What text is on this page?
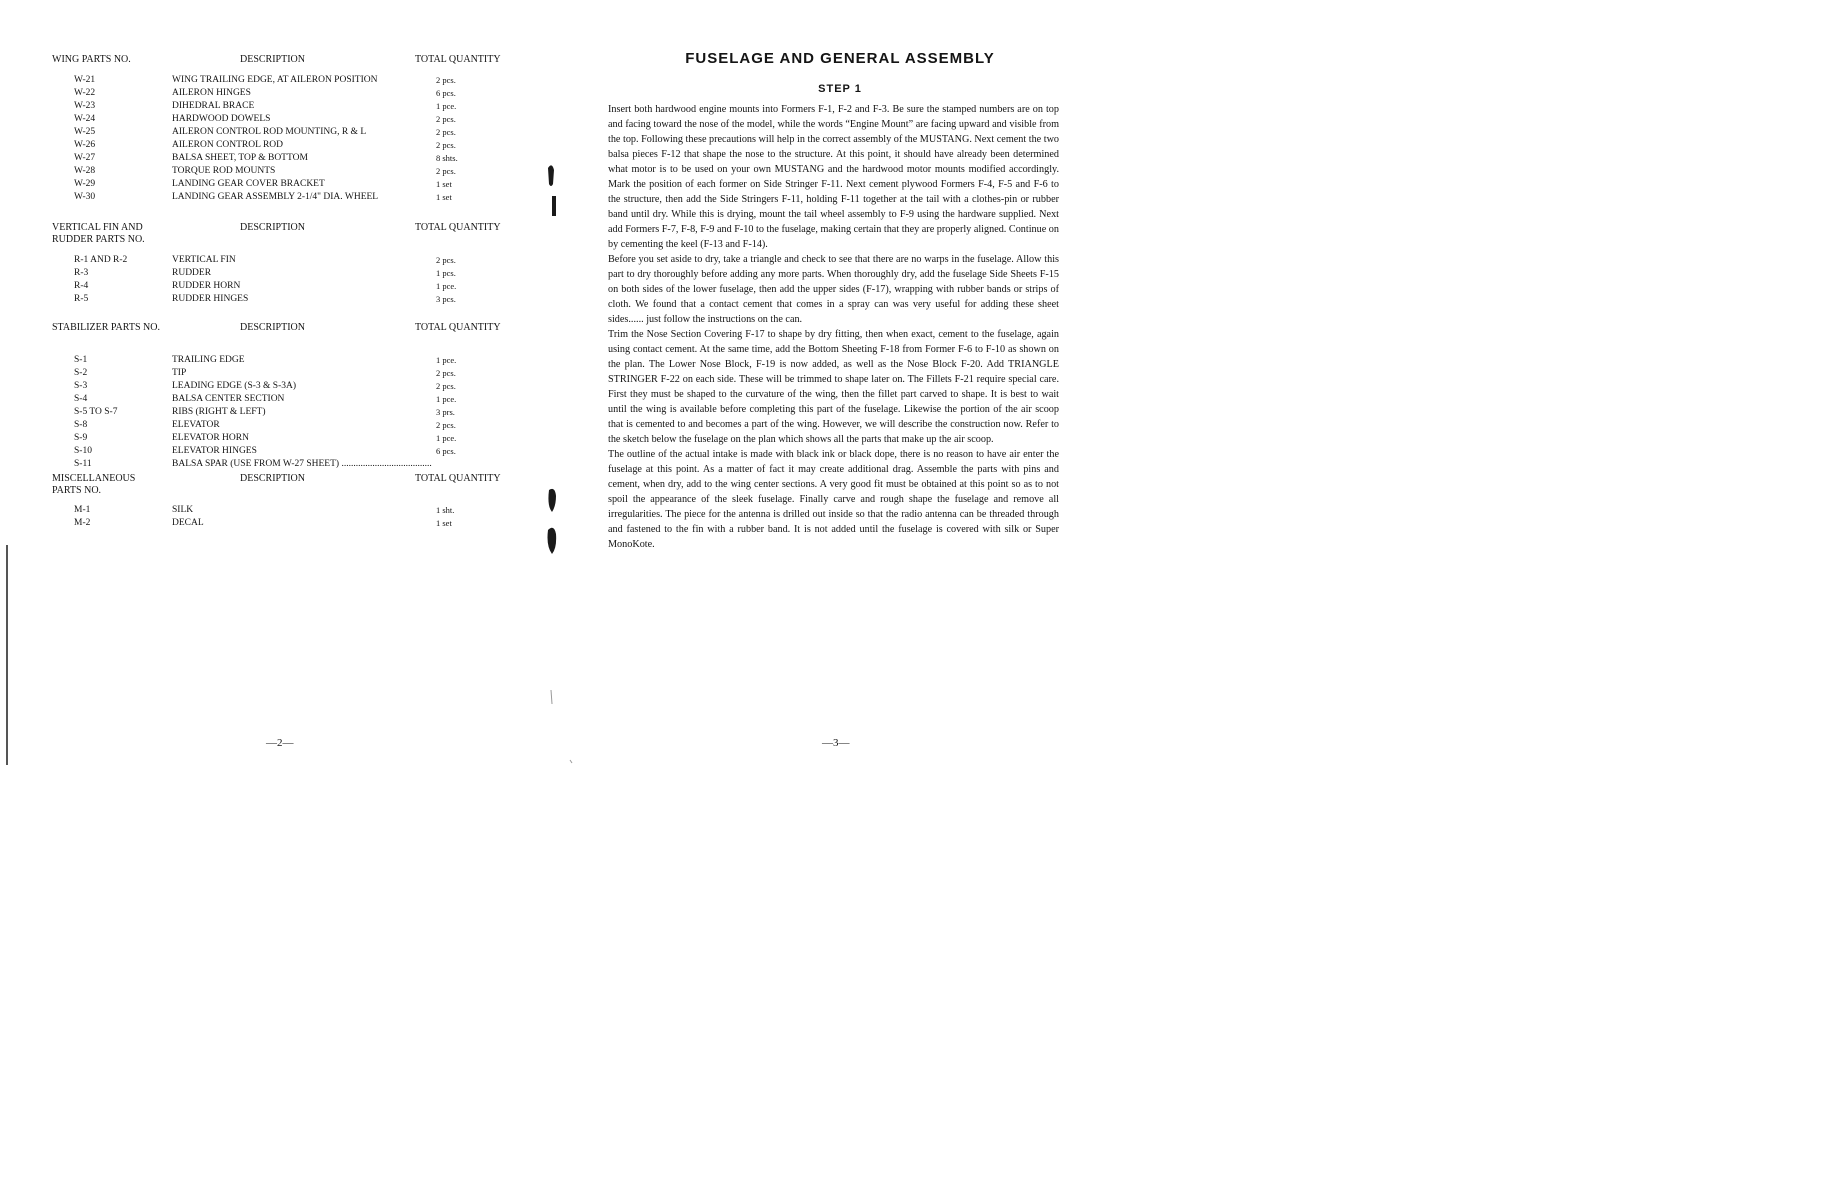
WING PARTS NO.	DESCRIPTION	TOTAL QUANTITY
W-21	WING TRAILING EDGE, AT AILERON POSITION	2 pcs.
W-22	AILERON HINGES	6 pcs.
W-23	DIHEDRAL BRACE	1 pce.
W-24	HARDWOOD DOWELS	2 pcs.
W-25	AILERON CONTROL ROD MOUNTING, R & L	2 pcs.
W-26	AILERON CONTROL ROD	2 pcs.
W-27	BALSA SHEET, TOP & BOTTOM	8 shts.
W-28	TORQUE ROD MOUNTS	2 pcs.
W-29	LANDING GEAR COVER BRACKET	1 set
W-30	LANDING GEAR ASSEMBLY 2-1/4" DIA. WHEEL	1 set
VERTICAL FIN AND RUDDER PARTS NO.
DESCRIPTION	TOTAL QUANTITY
R-1 AND R-2	VERTICAL FIN	2 pcs.
R-3	RUDDER	1 pcs.
R-4	RUDDER HORN	1 pce.
R-5	RUDDER HINGES	3 pcs.
STABILIZER PARTS NO.	DESCRIPTION	TOTAL QUANTITY
S-1	TRAILING EDGE	1 pce.
S-2	TIP	2 pcs.
S-3	LEADING EDGE (S-3 & S-3A)	2 pcs.
S-4	BALSA CENTER SECTION	1 pce.
S-5 TO S-7	RIBS (RIGHT & LEFT)	3 prs.
S-8	ELEVATOR	2 pcs.
S-9	ELEVATOR HORN	1 pce.
S-10	ELEVATOR HINGES	6 pcs.
S-11	BALSA SPAR (USE FROM W-27 SHEET) ......................................
MISCELLANEOUS PARTS NO.
DESCRIPTION	TOTAL QUANTITY
M-1	SILK	1 sht.
M-2	DECAL	1 set
—2—
FUSELAGE AND GENERAL ASSEMBLY
STEP 1

Insert both hardwood engine mounts into Formers F-1, F-2 and F-3. Be sure the stamped numbers are on top and facing toward the nose of the model, while the words “Engine Mount” are facing upward and visible from the top. Following these precautions will help in the correct assembly of the MUSTANG. Next cement the two balsa pieces F-12 that shape the nose to the structure. At this point, it should have already been determined what motor is to be used on your own MUSTANG and the hardwood motor mounts modified accordingly. Mark the position of each former on Side Stringer F-11. Next cement plywood Formers F-4, F-5 and F-6 to the structure, then add the Side Stringers F-11, holding F-11 together at the tail with a clothes-pin or rubber band until dry. While this is drying, mount the tail wheel assembly to F-9 using the hardware supplied. Next add Formers F-7, F-8, F-9 and F-10 to the fuselage, making certain that they are properly aligned. Continue on by cementing the keel (F-13 and F-14).

Before you set aside to dry, take a triangle and check to see that there are no warps in the fuselage. Allow this part to dry thoroughly before adding any more parts. When thoroughly dry, add the fuselage Side Sheets F-15 on both sides of the lower fuselage, then add the upper sides (F-17), wrapping with rubber bands or strips of cloth. We found that a contact cement that comes in a spray can was very useful for adding these sheet sides...... just follow the instructions on the can.

Trim the Nose Section Covering F-17 to shape by dry fitting, then when exact, cement to the fuselage, again using contact cement. At the same time, add the Bottom Sheeting F-18 from Former F-6 to F-10 as shown on the plan. The Lower Nose Block, F-19 is now added, as well as the Nose Block F-20. Add TRIANGLE STRINGER F-22 on each side. These will be trimmed to shape later on. The Fillets F-21 require special care. First they must be shaped to the curvature of the wing, then the fillet part carved to shape. It is best to wait until the wing is available before completing this part of the fuselage. Likewise the portion of the air scoop that is cemented to and becomes a part of the wing. However, we will describe the construction now. Refer to the sketch below the fuselage on the plan which shows all the parts that make up the air scoop.

The outline of the actual intake is made with black ink or black dope, there is no reason to have air enter the fuselage at this point. As a matter of fact it may create additional drag. Assemble the parts with pins and cement, when dry, add to the wing center sections. A very good fit must be obtained at this point so as to not spoil the appearance of the sleek fuselage. Finally carve and rough shape the fuselage and remove all irregularities. The piece for the antenna is drilled out inside so that the radio antenna can be threaded through and fastened to the fin with a rubber band. It is not added until the fuselage is covered with silk or Super MonoKote.

—3—
